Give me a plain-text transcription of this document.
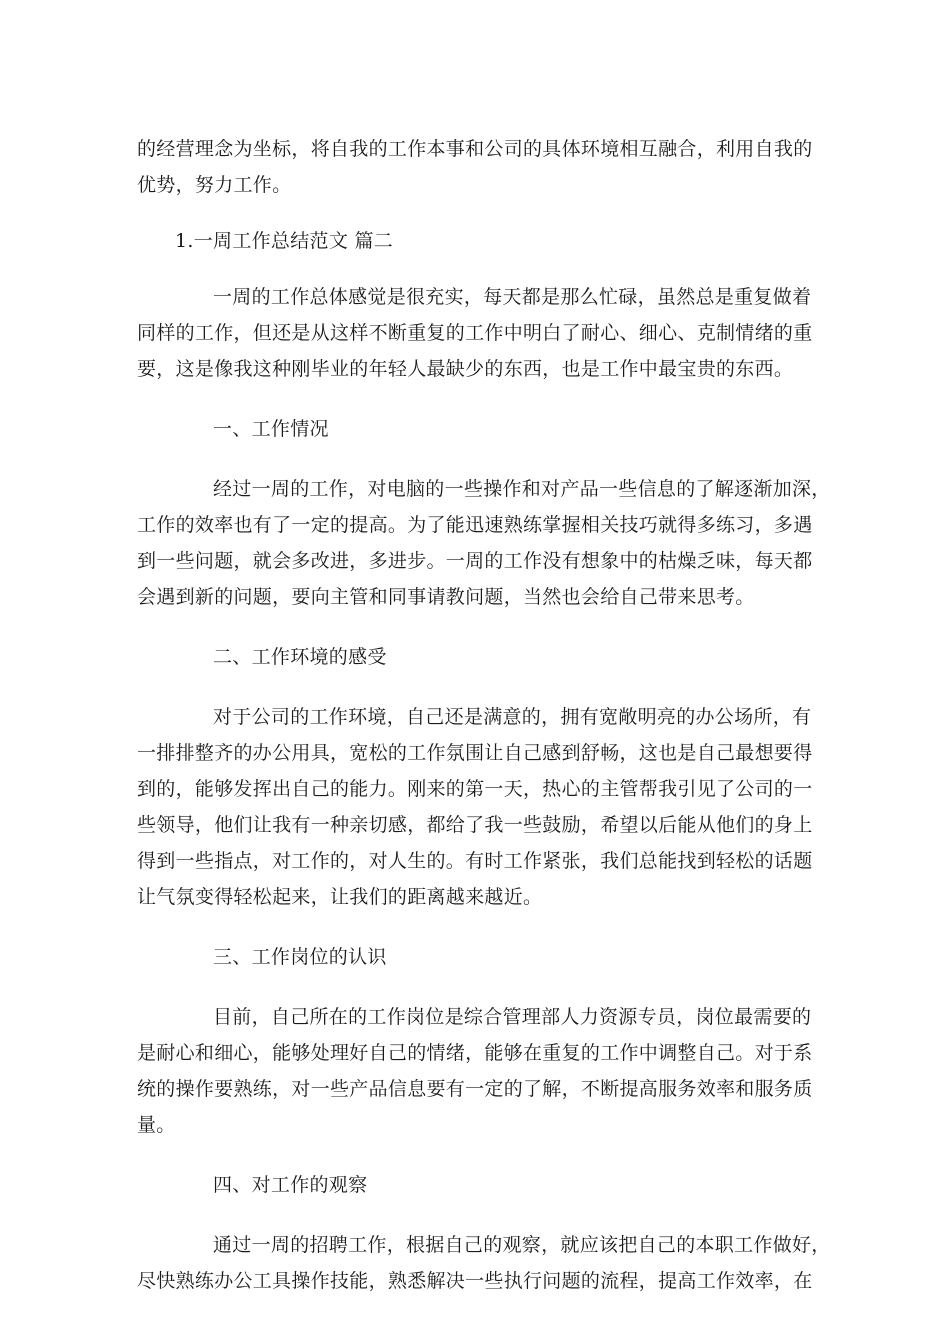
的经营理念为坐标，将自我的工作本事和公司的具体环境相互融合，利用自我的
优势，努力工作。
1.一周工作总结范文 篇二
一周的工作总体感觉是很充实，每天都是那么忙碌，虽然总是重复做着
同样的工作，但还是从这样不断重复的工作中明白了耐心、细心、克制情绪的重
要，这是像我这种刚毕业的年轻人最缺少的东西，也是工作中最宝贵的东西。
一、工作情况
经过一周的工作，对电脑的一些操作和对产品一些信息的了解逐渐加深，
工作的效率也有了一定的提高。为了能迅速熟练掌握相关技巧就得多练习，多遇
到一些问题，就会多改进，多进步。一周的工作没有想象中的枯燥乏味，每天都
会遇到新的问题，要向主管和同事请教问题，当然也会给自己带来思考。
二、工作环境的感受
对于公司的工作环境，自己还是满意的，拥有宽敞明亮的办公场所，有
一排排整齐的办公用具，宽松的工作氛围让自己感到舒畅，这也是自己最想要得
到的，能够发挥出自己的能力。刚来的第一天，热心的主管帮我引见了公司的一
些领导，他们让我有一种亲切感，都给了我一些鼓励，希望以后能从他们的身上
得到一些指点，对工作的，对人生的。有时工作紧张，我们总能找到轻松的话题
让气氛变得轻松起来，让我们的距离越来越近。
三、工作岗位的认识
目前，自己所在的工作岗位是综合管理部人力资源专员，岗位最需要的
是耐心和细心，能够处理好自己的情绪，能够在重复的工作中调整自己。对于系
统的操作要熟练，对一些产品信息要有一定的了解，不断提高服务效率和服务质
量。
四、对工作的观察
通过一周的招聘工作，根据自己的观察，就应该把自己的本职工作做好，
尽快熟练办公工具操作技能，熟悉解决一些执行问题的流程，提高工作效率，在
